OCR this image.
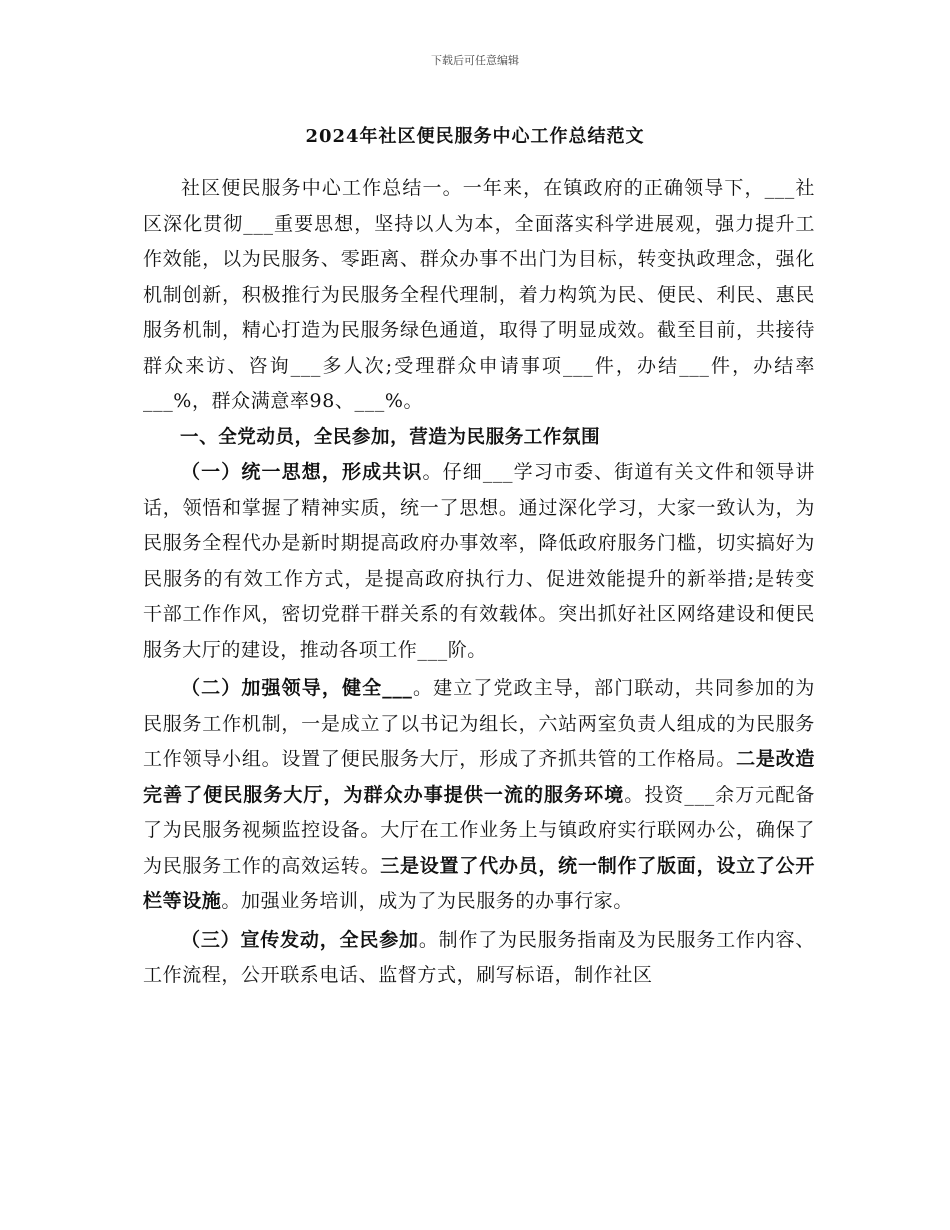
下载后可任意编辑
2024年社区便民服务中心工作总结范文

社区便民服务中心工作总结一。一年来，在镇政府的正确领导下，___社区深化贯彻___重要思想，坚持以人为本，全面落实科学进展观，强力提升工作效能，以为民服务、零距离、群众办事不出门为目标，转变执政理念，强化机制创新，积极推行为民服务全程代理制，着力构筑为民、便民、利民、惠民服务机制，精心打造为民服务绿色通道，取得了明显成效。截至目前，共接待群众来访、咨询___多人次;受理群众申请事项___件，办结___件，办结率___%，群众满意率98、___%。

一、全党动员，全民参加，营造为民服务工作氛围

（一）统一思想，形成共识。仔细___学习市委、街道有关文件和领导讲话，领悟和掌握了精神实质，统一了思想。通过深化学习，大家一致认为，为民服务全程代办是新时期提高政府办事效率，降低政府服务门槛，切实搞好为民服务的有效工作方式，是提高政府执行力、促进效能提升的新举措;是转变干部工作作风，密切党群干群关系的有效载体。突出抓好社区网络建设和便民服务大厅的建设，推动各项工作___阶。

（二）加强领导，健全___。建立了党政主导，部门联动，共同参加的为民服务工作机制，一是成立了以书记为组长，六站两室负责人组成的为民服务工作领导小组。设置了便民服务大厅，形成了齐抓共管的工作格局。二是改造完善了便民服务大厅，为群众办事提供一流的服务环境。投资___余万元配备了为民服务视频监控设备。大厅在工作业务上与镇政府实行联网办公，确保了为民服务工作的高效运转。三是设置了代办员，统一制作了版面，设立了公开栏等设施。加强业务培训，成为了为民服务的办事行家。

（三）宣传发动，全民参加。制作了为民服务指南及为民服务工作内容、工作流程，公开联系电话、监督方式，刷写标语，制作社区
